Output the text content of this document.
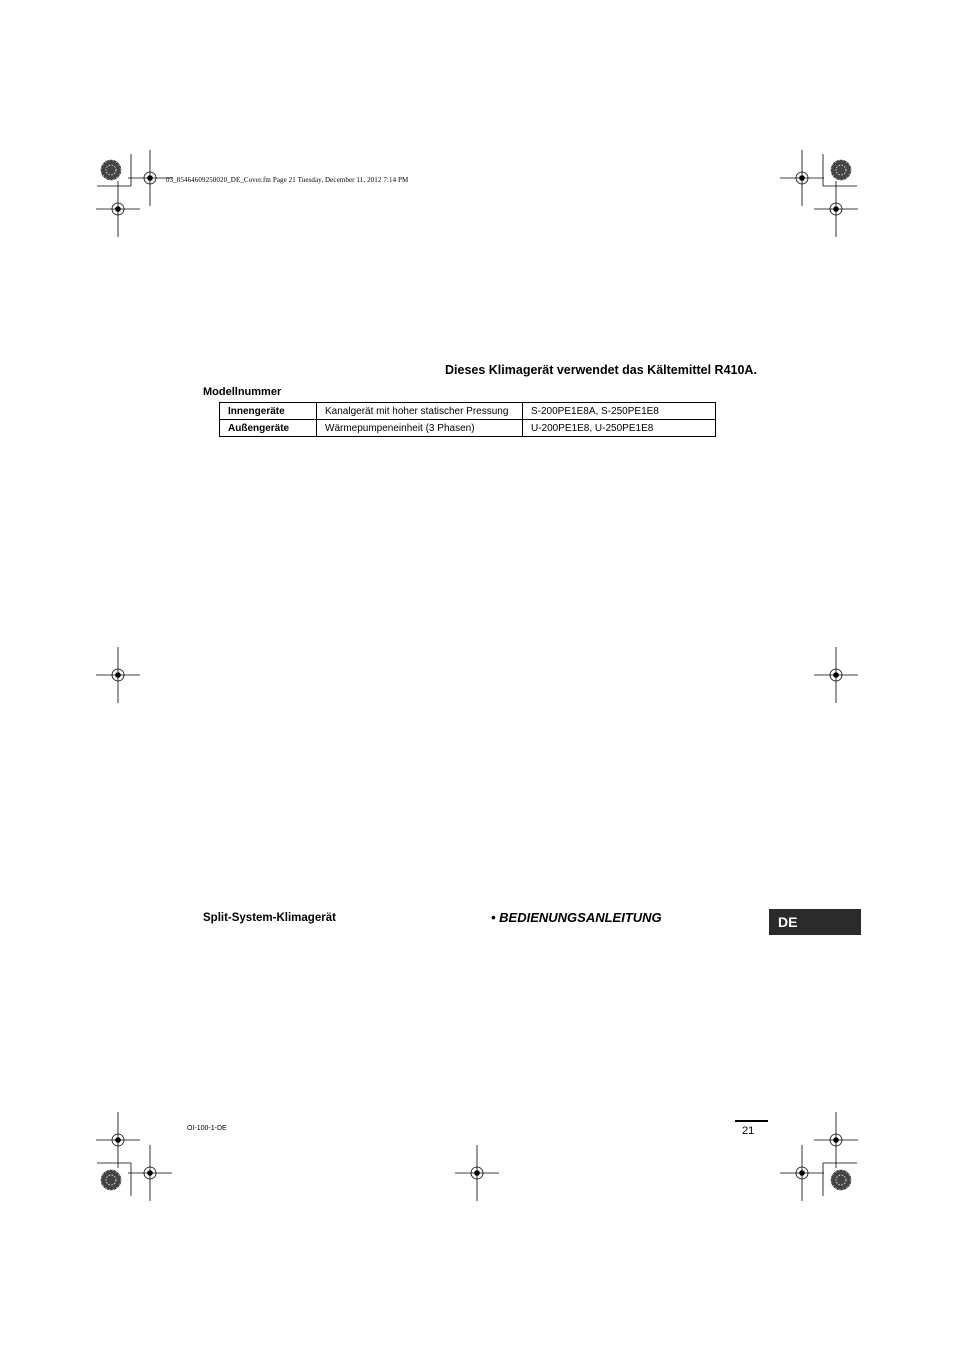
03_85464609250020_DE_Cover.fm Page 21 Tuesday, December 11, 2012 7:14 PM
Dieses Klimagerät verwendet das Kältemittel R410A.
Modellnummer
Innengeräte	Kanalgerät mit hoher statischer Pressung	S-200PE1E8A, S-250PE1E8
Außengeräte	Wärmepumpeneinheit (3 Phasen)	U-200PE1E8, U-250PE1E8
Split-System-Klimagerät	• BEDIENUNGSANLEITUNG	DE
OI-100-1-DE	21
